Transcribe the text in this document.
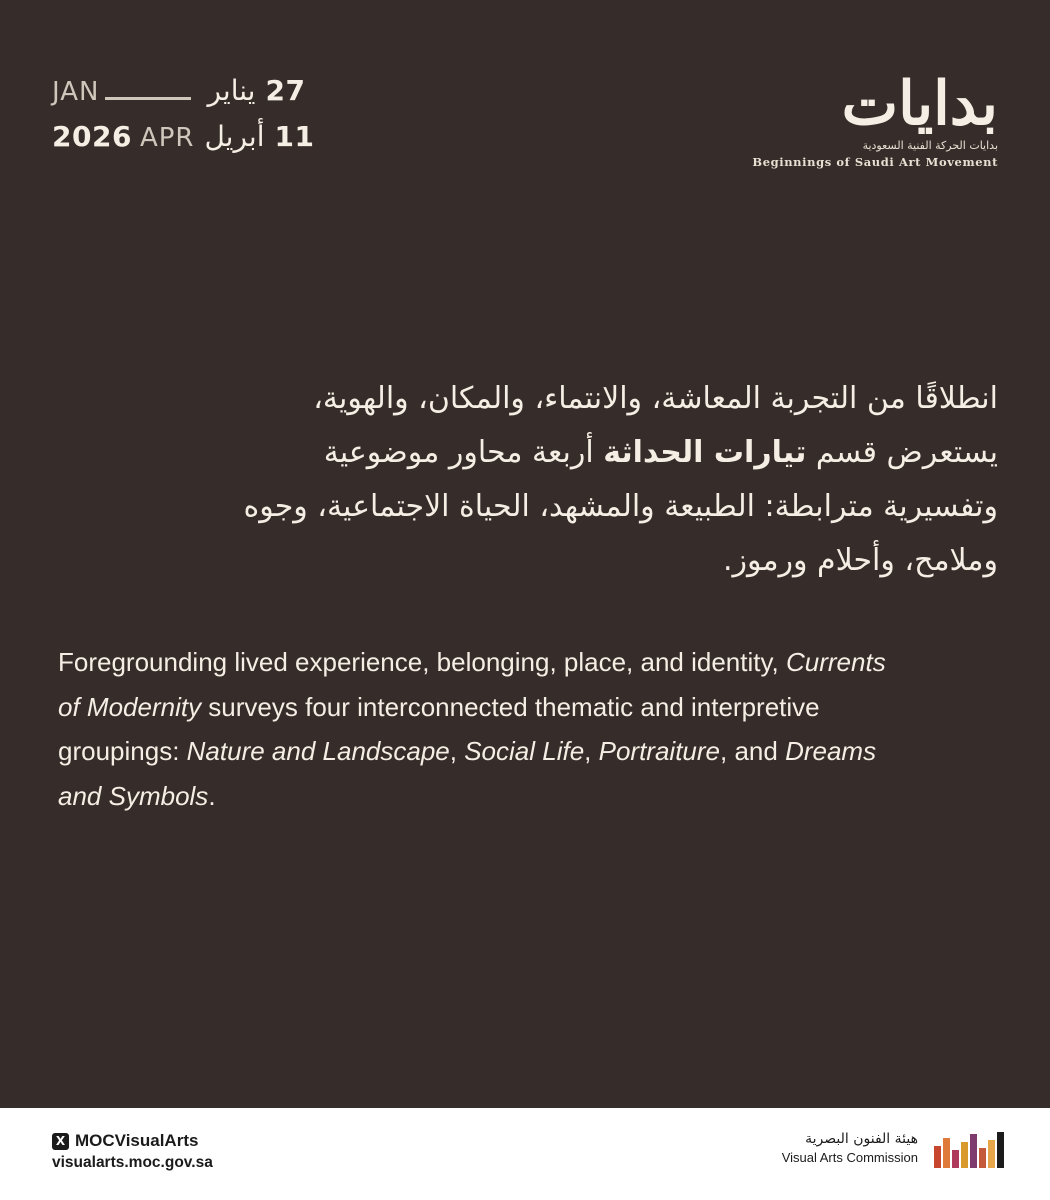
JAN	يناير 27
2026 APR أبريل 11	بدايات
بدايات الحركة الفنية السعودية
Beginnings of Saudi Art Movement
انطلاقًا من التجربة المعاشة، والانتماء، والمكان، والهوية، يستعرض قسم تيارات الحداثة أربعة محاور موضوعية وتفسيرية مترابطة: الطبيعة والمشهد، الحياة الاجتماعية، وجوه وملامح، وأحلام ورموز.
Foregrounding lived experience, belonging, place, and identity, Currents of Modernity surveys four interconnected thematic and interpretive groupings: Nature and Landscape, Social Life, Portraiture, and Dreams and Symbols.
X MOCVisualArts
visualarts.moc.gov.sa
هيئة الفنون البصرية
Visual Arts Commission
